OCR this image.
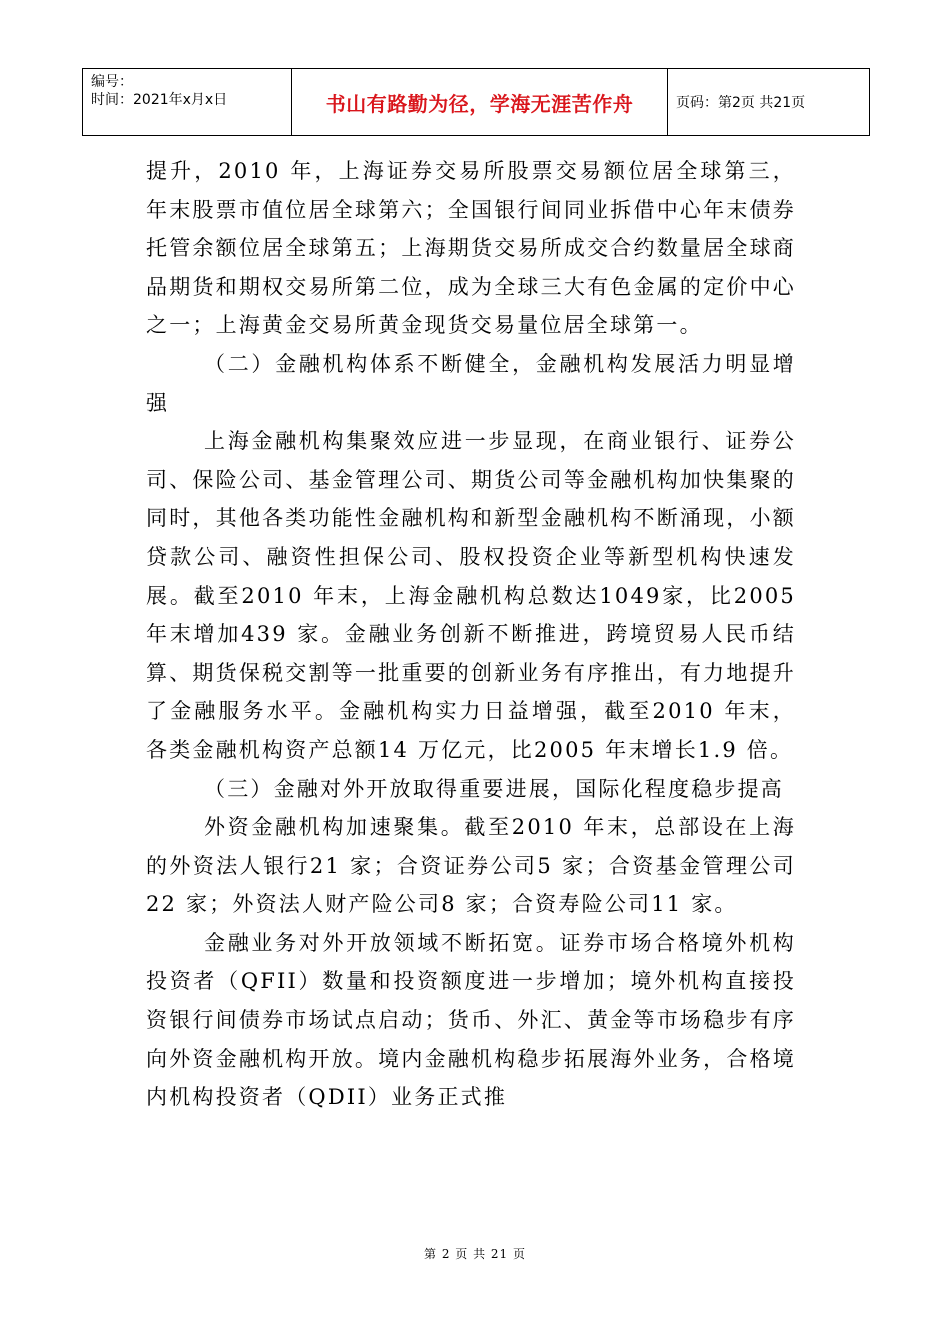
编号：
时间：2021年x月x日	书山有路勤为径，学海无涯苦作舟	页码：第2页 共21页

提升，2010 年，上海证券交易所股票交易额位居全球第三，年末股票市值位居全球第六；全国银行间同业拆借中心年末债券托管余额位居全球第五；上海期货交易所成交合约数量居全球商品期货和期权交易所第二位，成为全球三大有色金属的定价中心之一；上海黄金交易所黄金现货交易量位居全球第一。

（二）金融机构体系不断健全，金融机构发展活力明显增强

上海金融机构集聚效应进一步显现，在商业银行、证券公司、保险公司、基金管理公司、期货公司等金融机构加快集聚的同时，其他各类功能性金融机构和新型金融机构不断涌现，小额贷款公司、融资性担保公司、股权投资企业等新型机构快速发展。截至2010 年末，上海金融机构总数达1049家，比2005 年末增加439 家。金融业务创新不断推进，跨境贸易人民币结算、期货保税交割等一批重要的创新业务有序推出，有力地提升了金融服务水平。金融机构实力日益增强，截至2010 年末，各类金融机构资产总额14 万亿元，比2005 年末增长1.9 倍。

（三）金融对外开放取得重要进展，国际化程度稳步提高

外资金融机构加速聚集。截至2010 年末，总部设在上海的外资法人银行21 家；合资证券公司5 家；合资基金管理公司22 家；外资法人财产险公司8 家；合资寿险公司11 家。

金融业务对外开放领域不断拓宽。证券市场合格境外机构投资者（QFII）数量和投资额度进一步增加；境外机构直接投资银行间债券市场试点启动；货币、外汇、黄金等市场稳步有序向外资金融机构开放。境内金融机构稳步拓展海外业务，合格境内机构投资者（QDII）业务正式推

第 2 页 共 21 页
